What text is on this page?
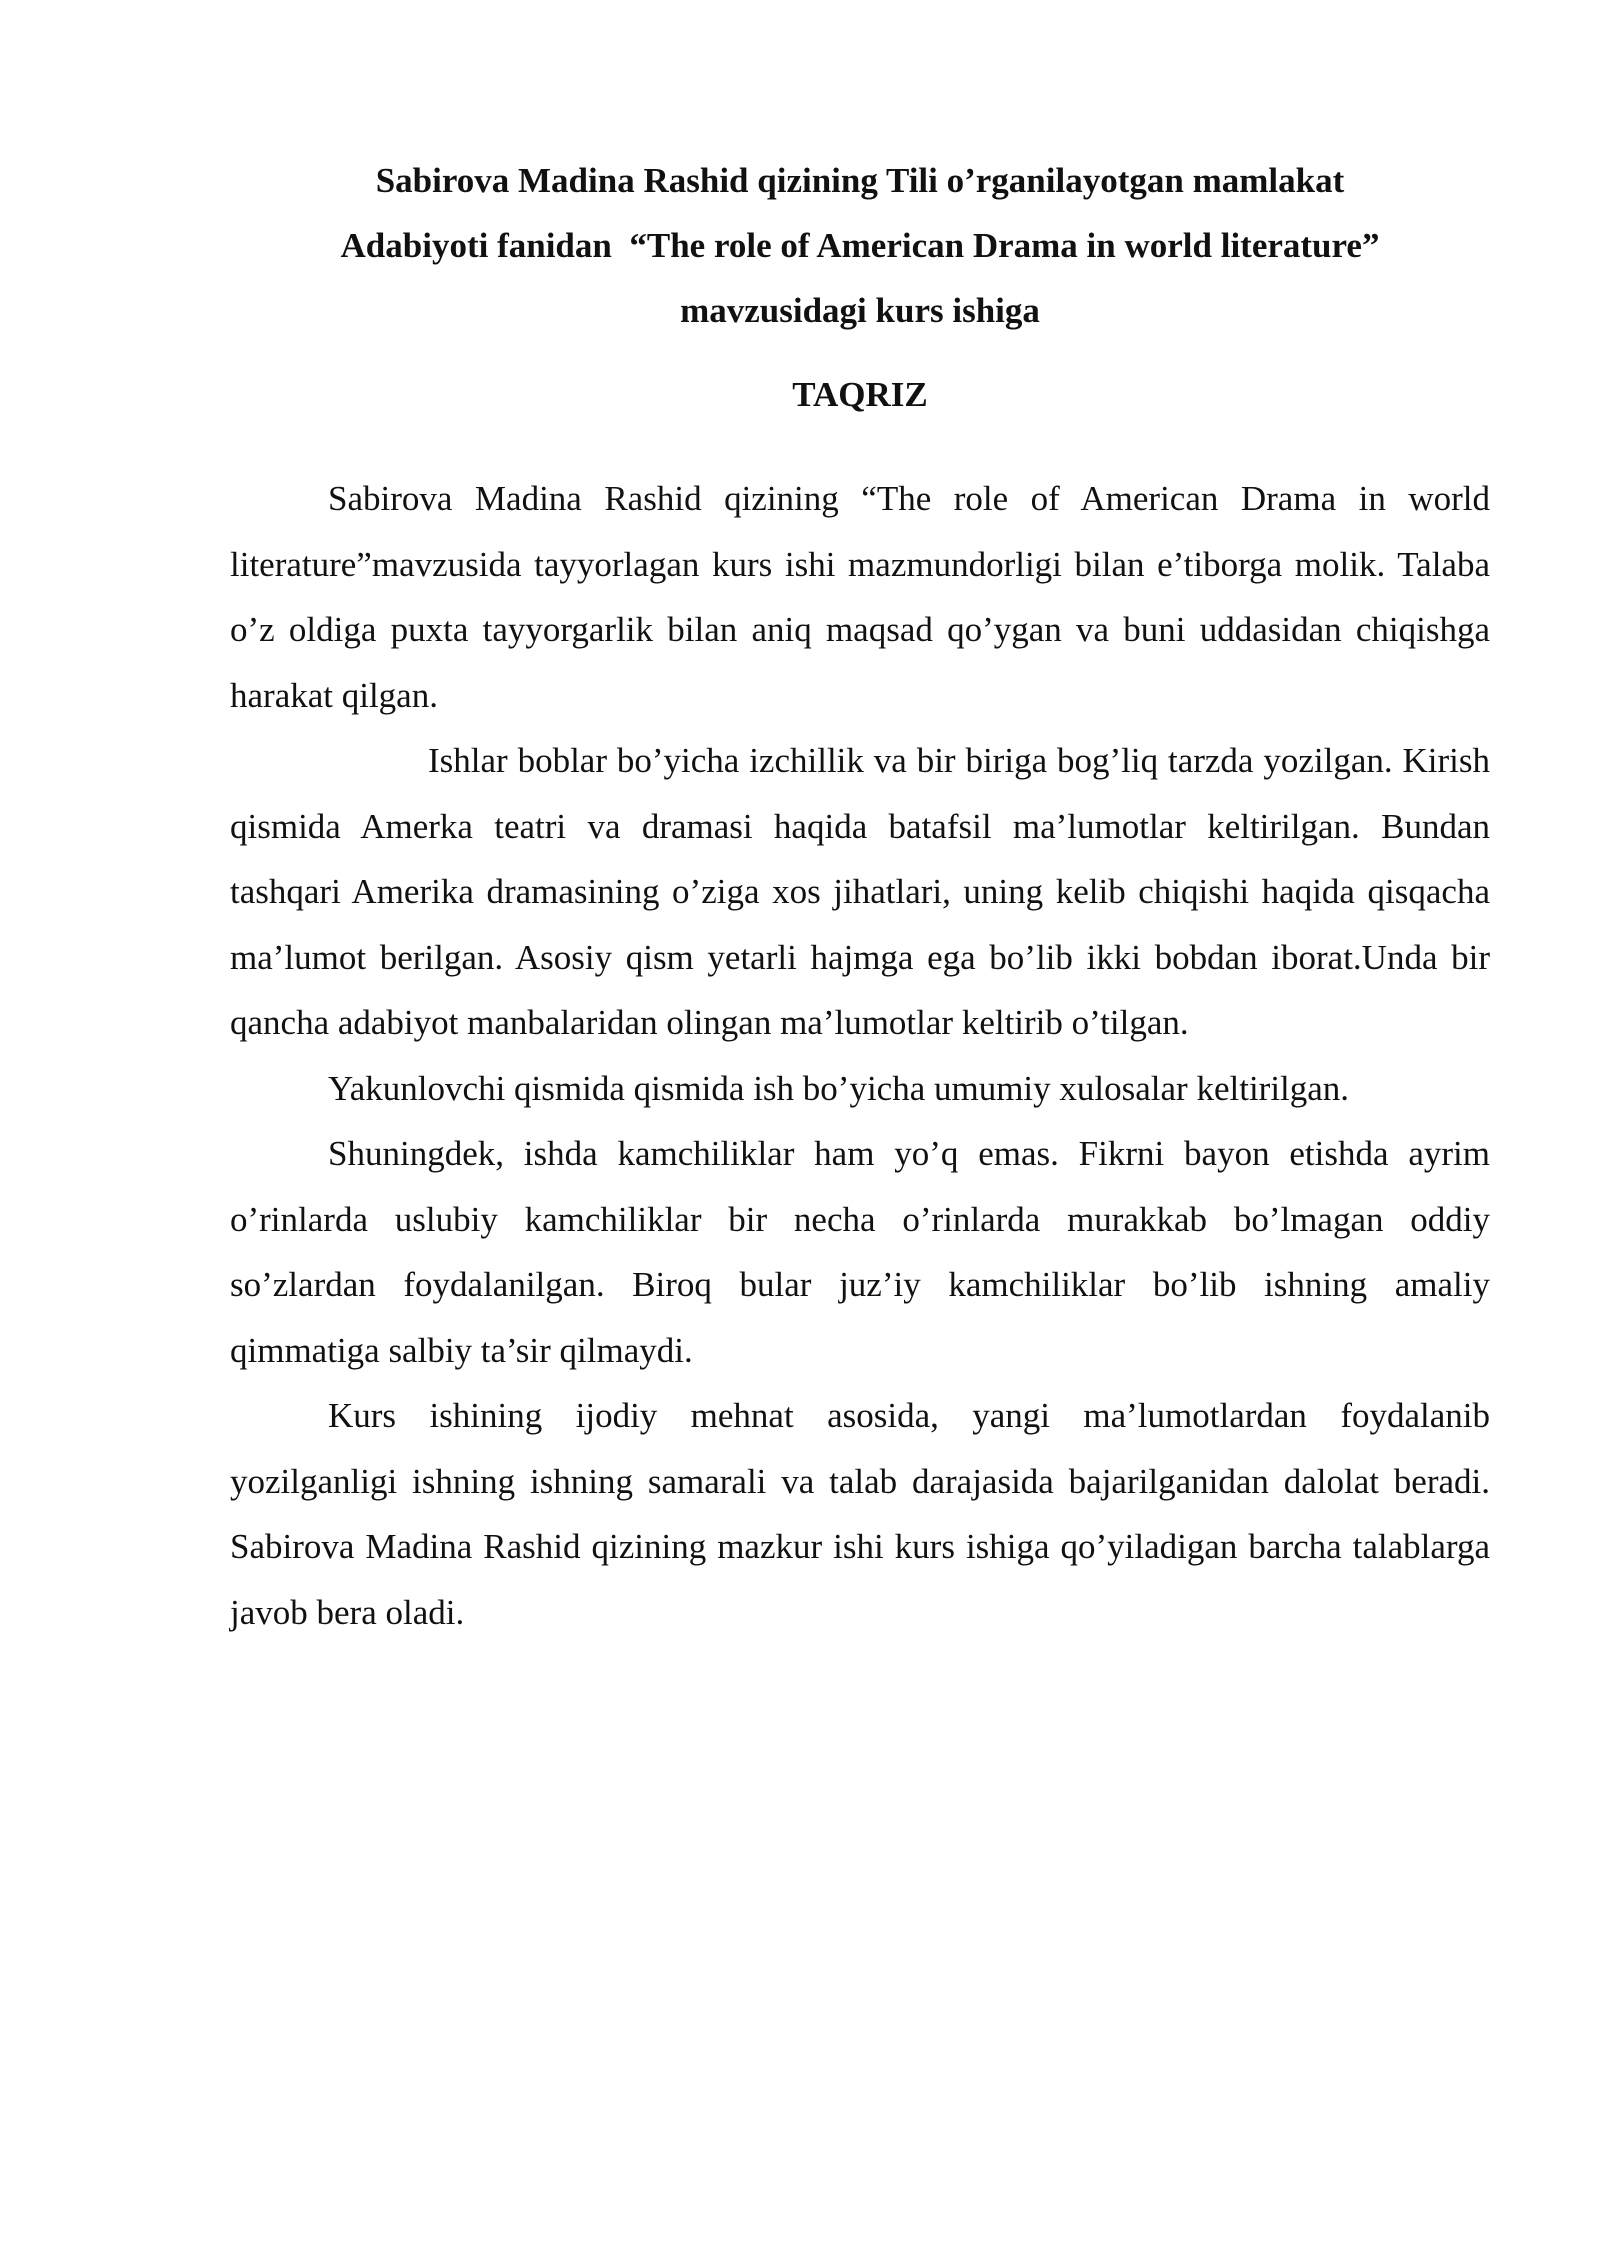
Sabirova Madina Rashid qizining Tili o’rganilayotgan mamlakat
Adabiyoti fanidan  “The role of American Drama in world literature”
mavzusidagi kurs ishiga
TAQRIZ

Sabirova Madina Rashid qizining “The role of American Drama in world literature”mavzusida tayyorlagan kurs ishi mazmundorligi bilan e’tiborga molik. Talaba o’z oldiga puxta tayyorgarlik bilan aniq maqsad qo’ygan va buni uddasidan chiqishga harakat qilgan.

Ishlar boblar bo’yicha izchillik va bir biriga bog’liq tarzda yozilgan. Kirish qismida Amerka teatri va dramasi haqida batafsil ma’lumotlar keltirilgan. Bundan tashqari Amerika dramasining o’ziga xos jihatlari, uning kelib chiqishi haqida qisqacha ma’lumot berilgan. Asosiy qism yetarli hajmga ega bo’lib ikki bobdan iborat.Unda bir qancha adabiyot manbalaridan olingan ma’lumotlar keltirib o’tilgan.

Yakunlovchi qismida qismida ish bo’yicha umumiy xulosalar keltirilgan.

Shuningdek, ishda kamchiliklar ham yo’q emas. Fikrni bayon etishda ayrim o’rinlarda uslubiy kamchiliklar bir necha o’rinlarda murakkab bo’lmagan oddiy so’zlardan foydalanilgan. Biroq bular juz’iy kamchiliklar bo’lib ishning amaliy qimmatiga salbiy ta’sir qilmaydi.

Kurs ishining ijodiy mehnat asosida, yangi ma’lumotlardan foydalanib yozilganligi ishning ishning samarali va talab darajasida bajarilganidan dalolat beradi. Sabirova Madina Rashid qizining mazkur ishi kurs ishiga qo’yiladigan barcha talablarga javob bera oladi.
